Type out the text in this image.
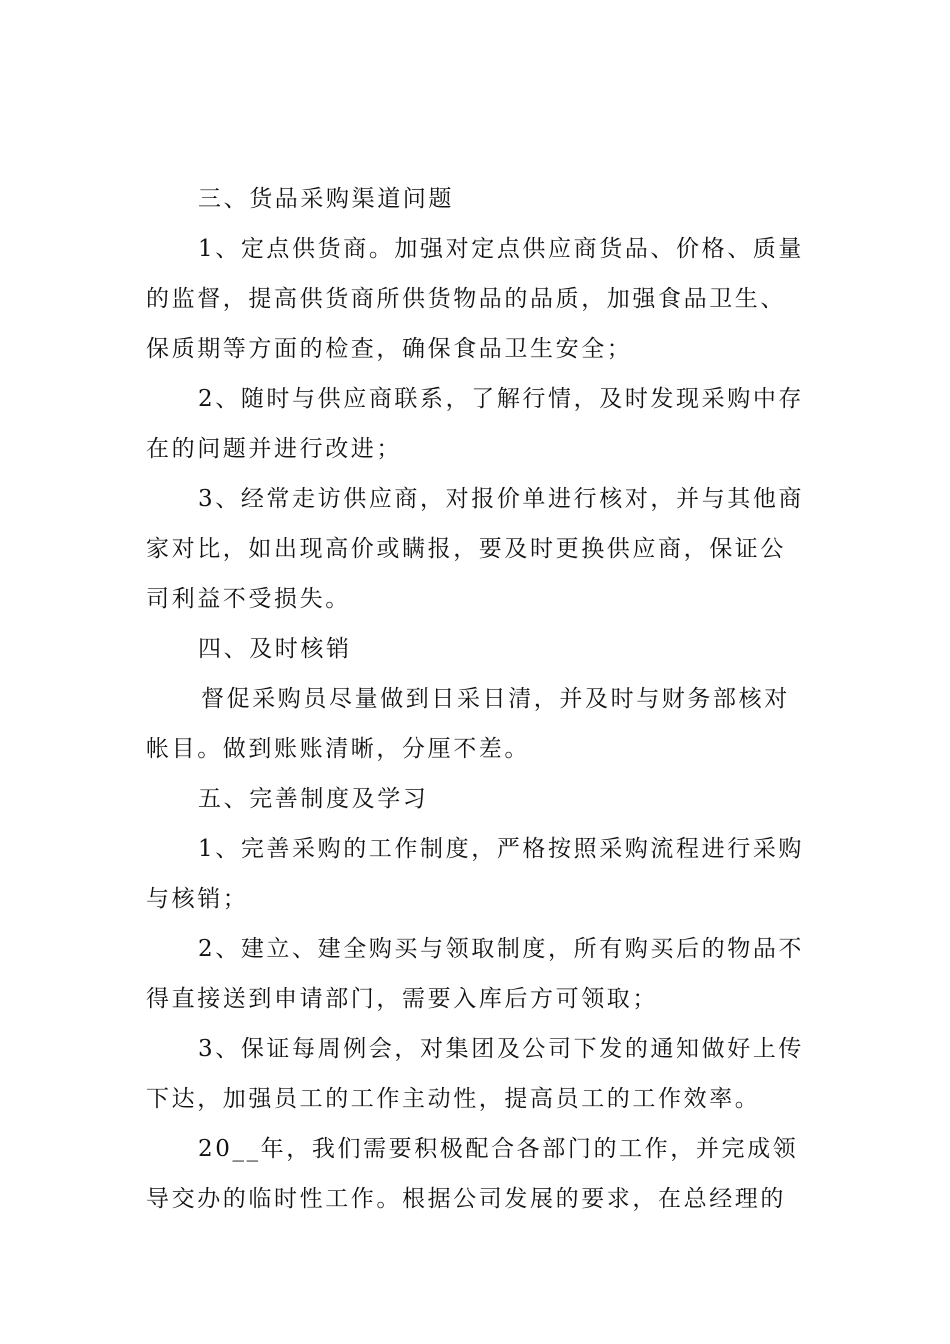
三、货品采购渠道问题

1、定点供货商。加强对定点供应商货品、价格、质量的监督，提高供货商所供货物品的品质，加强食品卫生、保质期等方面的检查，确保食品卫生安全；

2、随时与供应商联系，了解行情，及时发现采购中存在的问题并进行改进；

3、经常走访供应商，对报价单进行核对，并与其他商家对比，如出现高价或瞒报，要及时更换供应商，保证公司利益不受损失。

四、及时核销

督促采购员尽量做到日采日清，并及时与财务部核对帐目。做到账账清晰，分厘不差。

五、完善制度及学习

1、完善采购的工作制度，严格按照采购流程进行采购与核销；

2、建立、建全购买与领取制度，所有购买后的物品不得直接送到申请部门，需要入库后方可领取；

3、保证每周例会，对集团及公司下发的通知做好上传下达，加强员工的工作主动性，提高员工的工作效率。

20__年，我们需要积极配合各部门的工作，并完成领导交办的临时性工作。根据公司发展的要求，在总经理的
